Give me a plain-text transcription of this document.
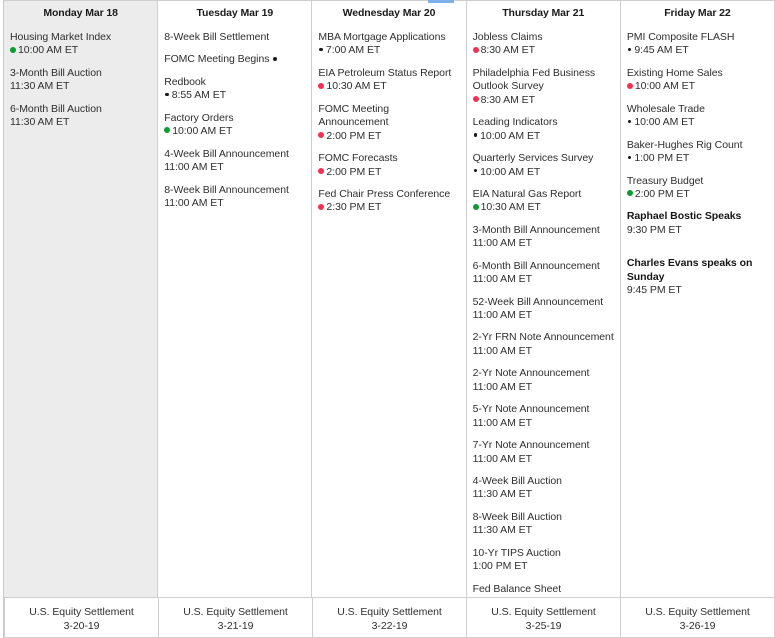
Monday Mar 18
Housing Market Index
10:00 AM ET
3-Month Bill Auction
11:30 AM ET
6-Month Bill Auction
11:30 AM ET
Tuesday Mar 19
8-Week Bill Settlement
FOMC Meeting Begins
Redbook
8:55 AM ET
Factory Orders
10:00 AM ET
4-Week Bill Announcement
11:00 AM ET
8-Week Bill Announcement
11:00 AM ET
Wednesday Mar 20
MBA Mortgage Applications
7:00 AM ET
EIA Petroleum Status Report
10:30 AM ET
FOMC Meeting Announcement
2:00 PM ET
FOMC Forecasts
2:00 PM ET
Fed Chair Press Conference
2:30 PM ET
Thursday Mar 21
Jobless Claims
8:30 AM ET
Philadelphia Fed Business Outlook Survey
8:30 AM ET
Leading Indicators
10:00 AM ET
Quarterly Services Survey
10:00 AM ET
EIA Natural Gas Report
10:30 AM ET
3-Month Bill Announcement
11:00 AM ET
6-Month Bill Announcement
11:00 AM ET
52-Week Bill Announcement
11:00 AM ET
2-Yr FRN Note Announcement
11:00 AM ET
2-Yr Note Announcement
11:00 AM ET
5-Yr Note Announcement
11:00 AM ET
7-Yr Note Announcement
11:00 AM ET
4-Week Bill Auction
11:30 AM ET
8-Week Bill Auction
11:30 AM ET
10-Yr TIPS Auction
1:00 PM ET
Fed Balance Sheet
Friday Mar 22
PMI Composite FLASH
9:45 AM ET
Existing Home Sales
10:00 AM ET
Wholesale Trade
10:00 AM ET
Baker-Hughes Rig Count
1:00 PM ET
Treasury Budget
2:00 PM ET
Raphael Bostic Speaks
9:30 PM ET
Charles Evans speaks on Sunday
9:45 PM ET
U.S. Equity Settlement
3-20-19
U.S. Equity Settlement
3-21-19
U.S. Equity Settlement
3-22-19
U.S. Equity Settlement
3-25-19
U.S. Equity Settlement
3-26-19
